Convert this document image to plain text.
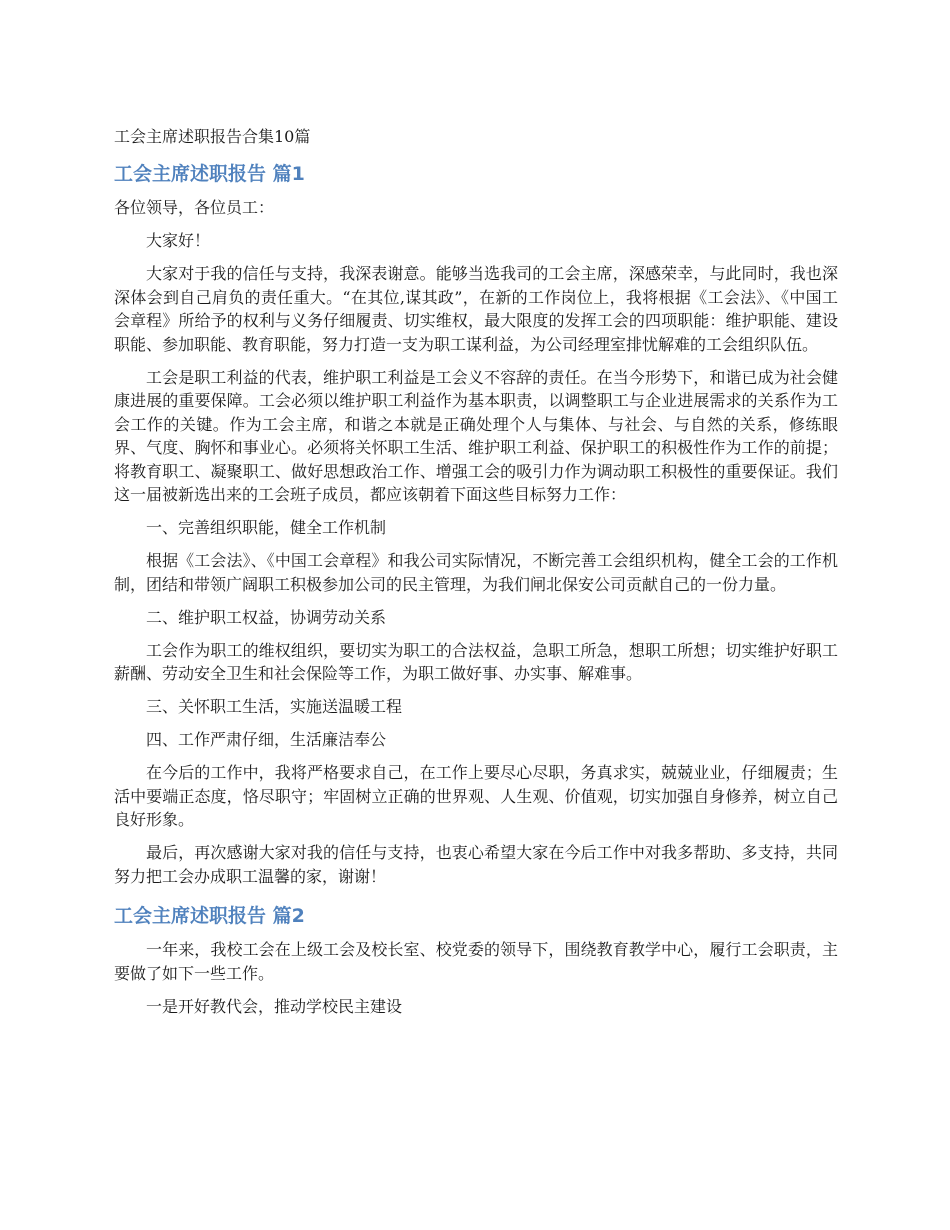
工会主席述职报告合集10篇
工会主席述职报告 篇1

各位领导，各位员工：

大家好！

大家对于我的信任与支持，我深表谢意。能够当选我司的工会主席，深感荣幸，与此同时，我也深深体会到自己肩负的责任重大。“在其位,谋其政”，在新的工作岗位上，我将根据《工会法》、《中国工会章程》所给予的权利与义务仔细履责、切实维权，最大限度的发挥工会的四项职能：维护职能、建设职能、参加职能、教育职能，努力打造一支为职工谋利益，为公司经理室排忧解难的工会组织队伍。

工会是职工利益的代表，维护职工利益是工会义不容辞的责任。在当今形势下，和谐已成为社会健康进展的重要保障。工会必须以维护职工利益作为基本职责，以调整职工与企业进展需求的关系作为工会工作的关键。作为工会主席，和谐之本就是正确处理个人与集体、与社会、与自然的关系，修练眼界、气度、胸怀和事业心。必须将关怀职工生活、维护职工利益、保护职工的积极性作为工作的前提；将教育职工、凝聚职工、做好思想政治工作、增强工会的吸引力作为调动职工积极性的重要保证。我们这一届被新选出来的工会班子成员，都应该朝着下面这些目标努力工作：

一、完善组织职能，健全工作机制

根据《工会法》、《中国工会章程》和我公司实际情况，不断完善工会组织机构，健全工会的工作机制，团结和带领广阔职工积极参加公司的民主管理，为我们闸北保安公司贡献自己的一份力量。

二、维护职工权益，协调劳动关系

工会作为职工的维权组织，要切实为职工的合法权益，急职工所急，想职工所想；切实维护好职工薪酬、劳动安全卫生和社会保险等工作，为职工做好事、办实事、解难事。

三、关怀职工生活，实施送温暖工程

四、工作严肃仔细，生活廉洁奉公

在今后的工作中，我将严格要求自己，在工作上要尽心尽职，务真求实，兢兢业业，仔细履责；生活中要端正态度，恪尽职守；牢固树立正确的世界观、人生观、价值观，切实加强自身修养，树立自己良好形象。

最后，再次感谢大家对我的信任与支持，也衷心希望大家在今后工作中对我多帮助、多支持，共同努力把工会办成职工温馨的家，谢谢！

工会主席述职报告 篇2

一年来，我校工会在上级工会及校长室、校党委的领导下，围绕教育教学中心，履行工会职责，主要做了如下一些工作。

一是开好教代会，推动学校民主建设
